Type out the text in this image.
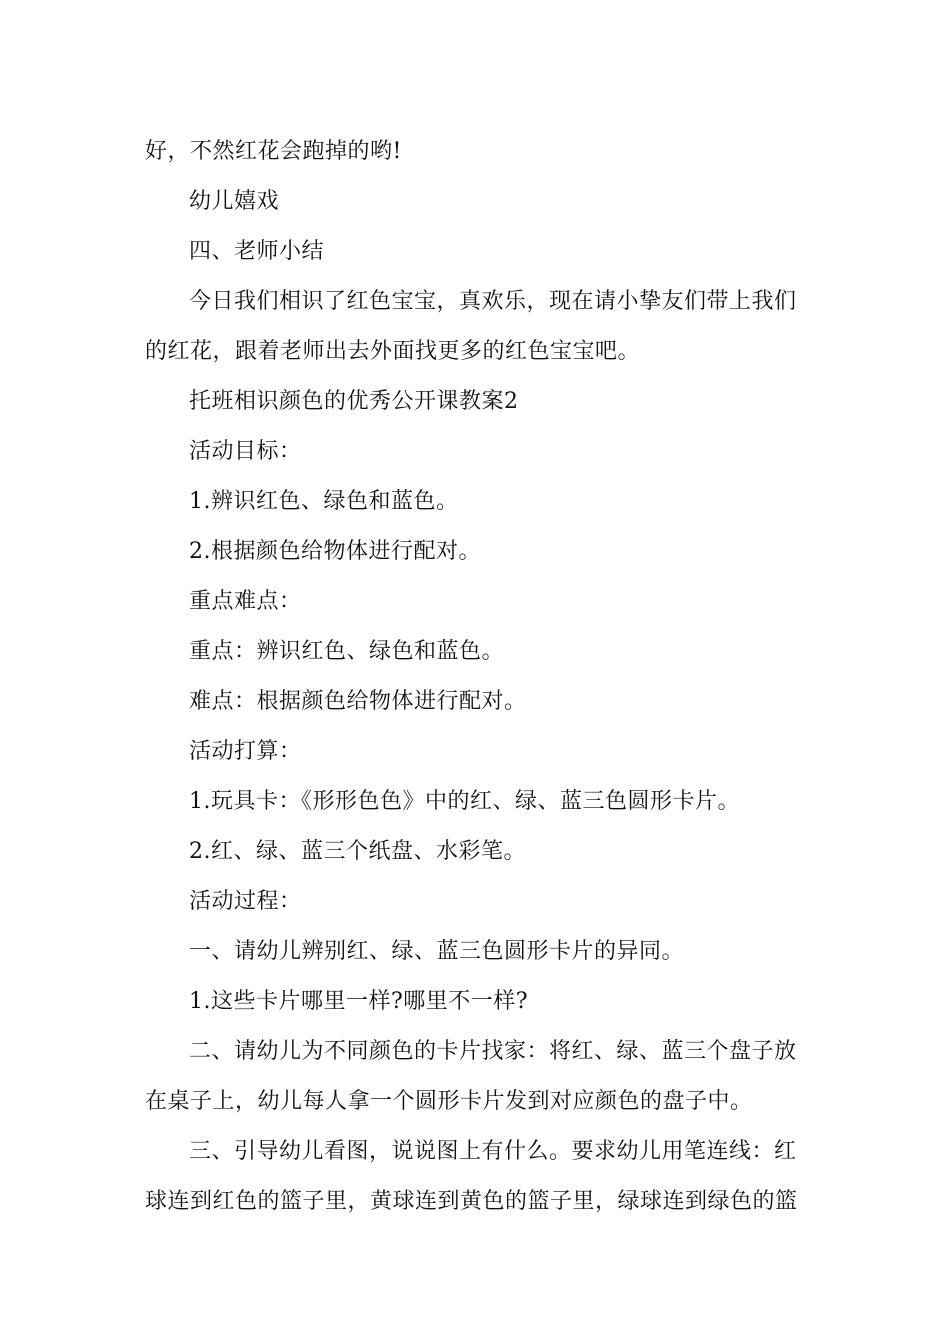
好，不然红花会跑掉的哟!
幼儿嬉戏
四、老师小结
今日我们相识了红色宝宝，真欢乐，现在请小挚友们带上我们
的红花，跟着老师出去外面找更多的红色宝宝吧。
托班相识颜色的优秀公开课教案2
活动目标：
1.辨识红色、绿色和蓝色。
2.根据颜色给物体进行配对。
重点难点：
重点：辨识红色、绿色和蓝色。
难点：根据颜色给物体进行配对。
活动打算：
1.玩具卡：《形形色色》中的红、绿、蓝三色圆形卡片。
2.红、绿、蓝三个纸盘、水彩笔。
活动过程：
一、请幼儿辨别红、绿、蓝三色圆形卡片的异同。
1.这些卡片哪里一样?哪里不一样?
二、请幼儿为不同颜色的卡片找家：将红、绿、蓝三个盘子放
在桌子上，幼儿每人拿一个圆形卡片发到对应颜色的盘子中。
三、引导幼儿看图，说说图上有什么。要求幼儿用笔连线：红
球连到红色的篮子里，黄球连到黄色的篮子里，绿球连到绿色的篮
